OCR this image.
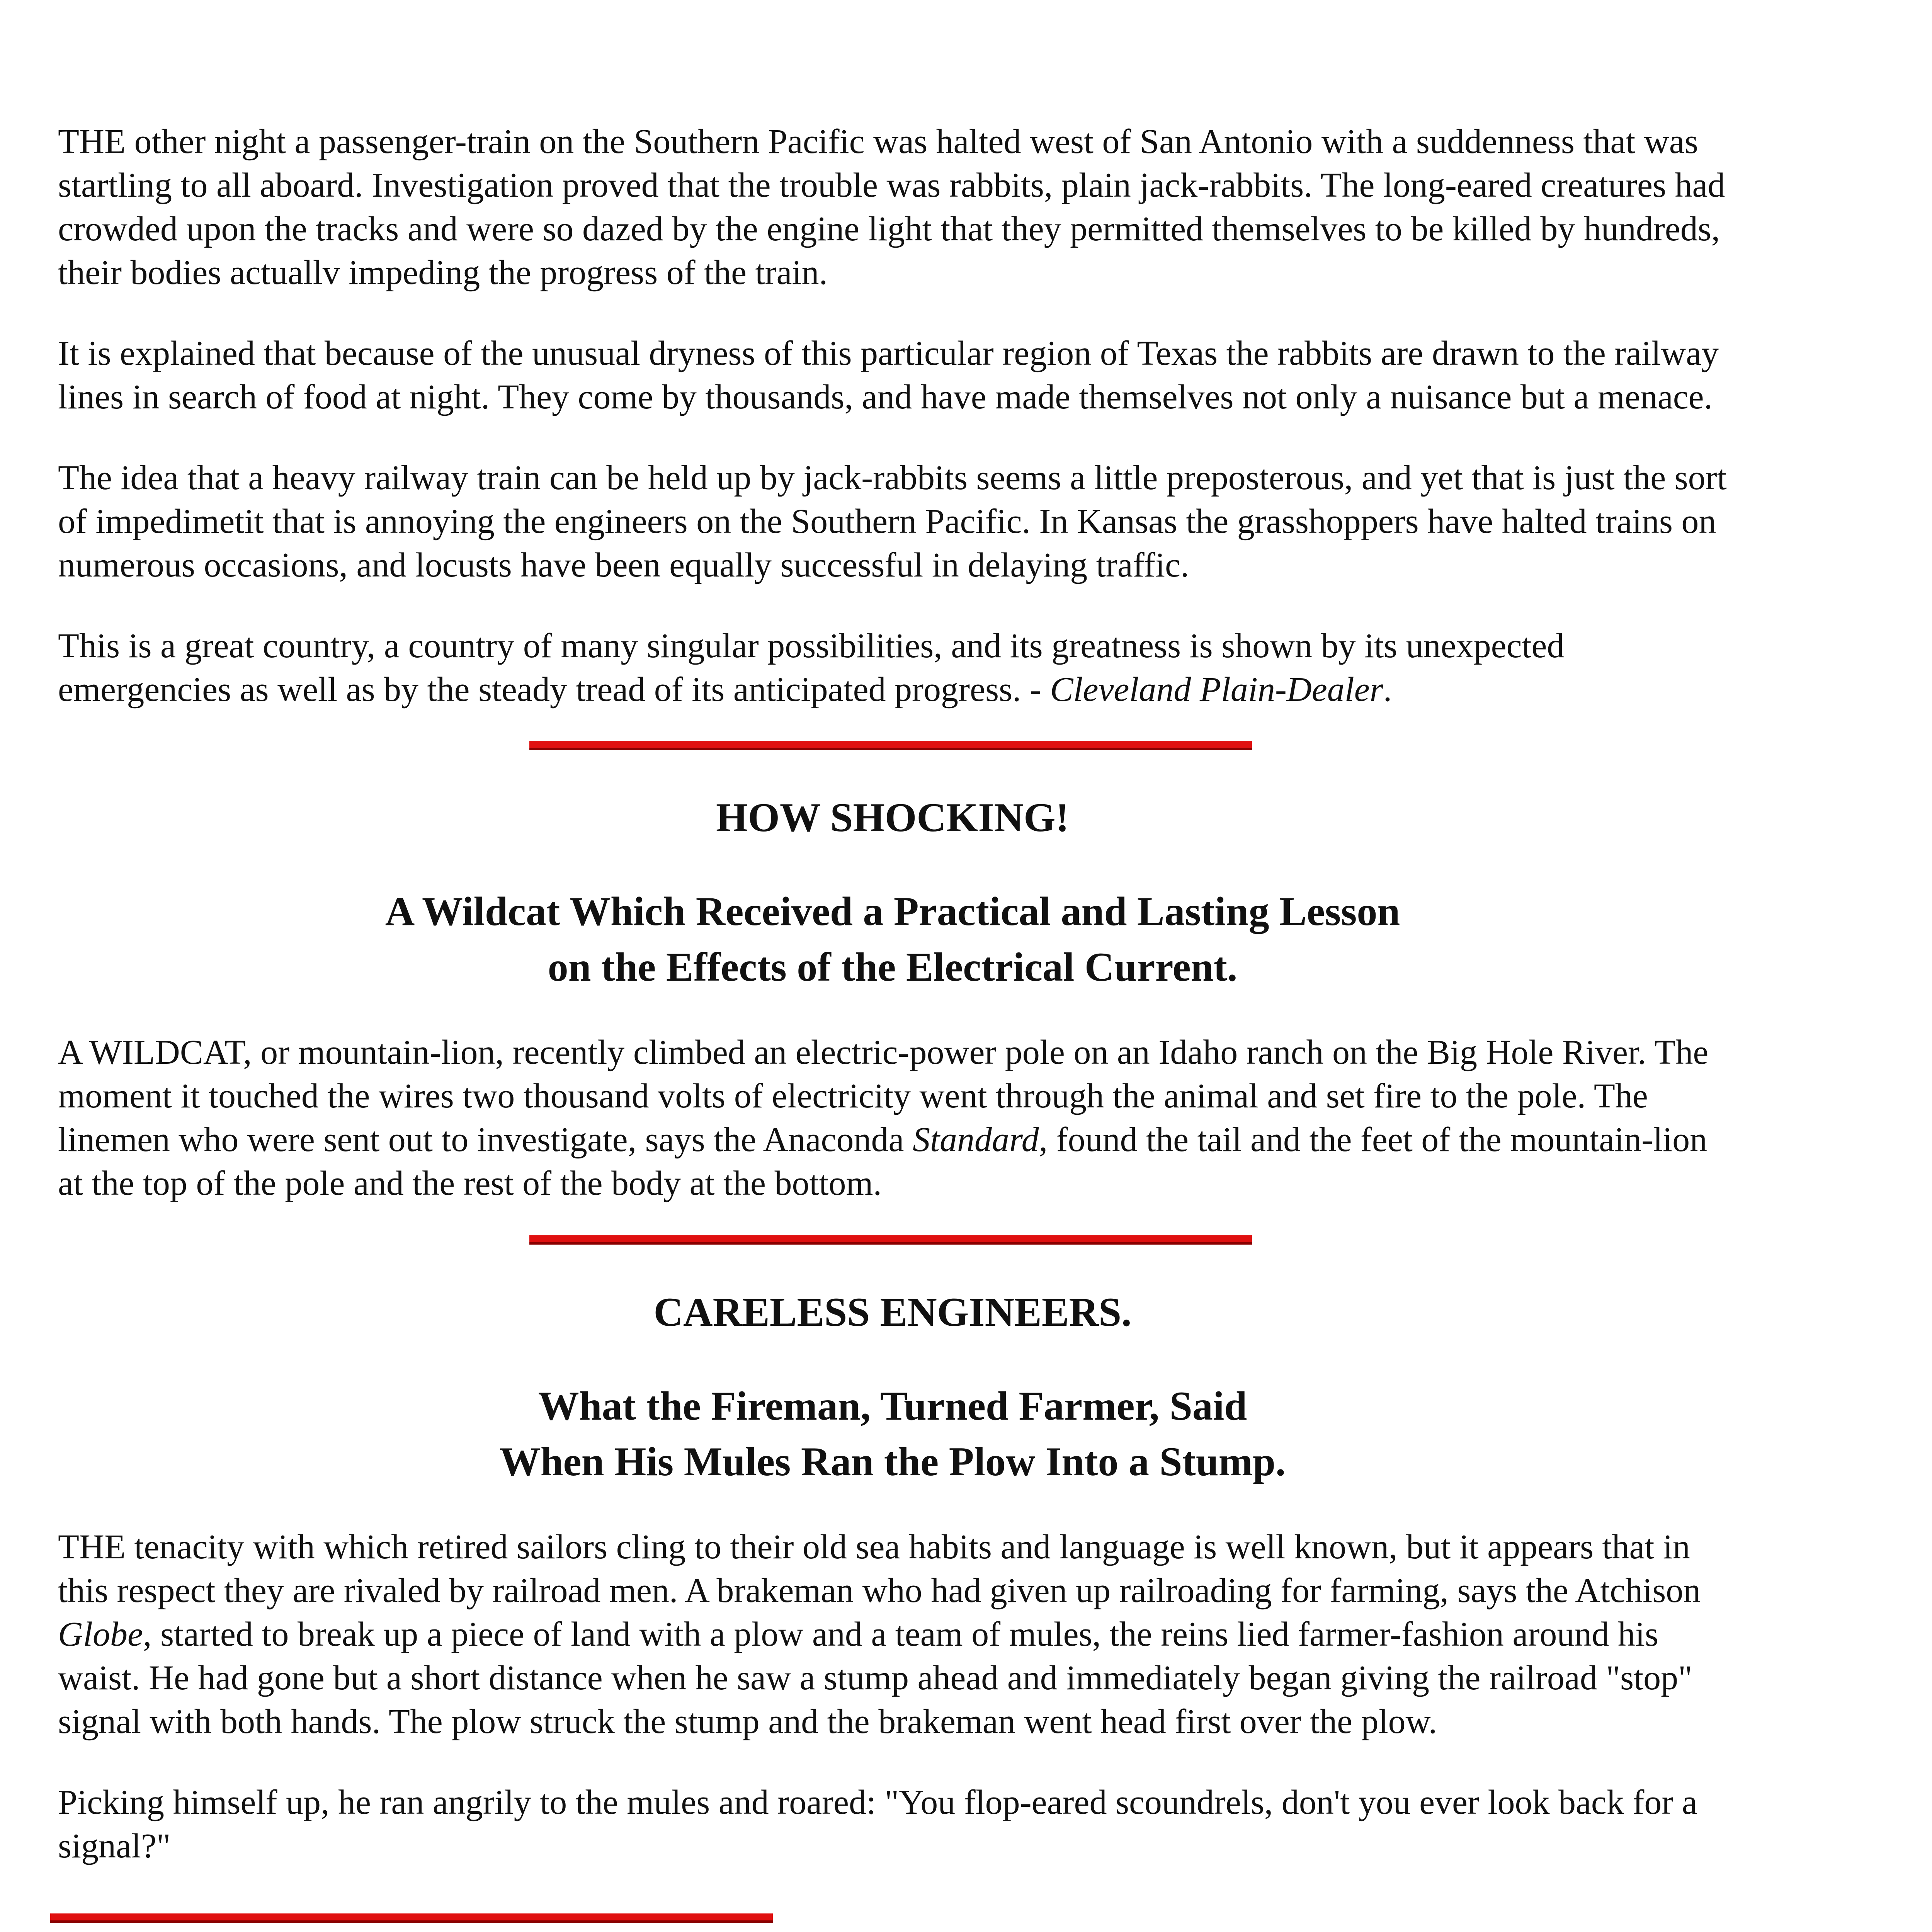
THE other night a passenger-train on the Southern Pacific was halted west of San Antonio with a suddenness that was startling to all aboard. Investigation proved that the trouble was rabbits, plain jack-rabbits. The long-eared creatures had crowded upon the tracks and were so dazed by the engine light that they permitted themselves to be killed by hundreds, their bodies actuallv impeding the progress of the train.

It is explained that because of the unusual dryness of this particular region of Texas the rabbits are drawn to the railway lines in search of food at night. They come by thousands, and have made themselves not only a nuisance but a menace.

The idea that a heavy railway train can be held up by jack-rabbits seems a little preposterous, and yet that is just the sort of impedimetit that is annoying the engineers on the Southern Pacific. In Kansas the grasshoppers have halted trains on numerous occasions, and locusts have been equally successful in delaying traffic.

This is a great country, a country of many singular possibilities, and its greatness is shown by its unexpected emergencies as well as by the steady tread of its anticipated progress. - Cleveland Plain-Dealer.

HOW SHOCKING!
A Wildcat Which Received a Practical and Lasting Lesson
on the Effects of the Electrical Current.

A WILDCAT, or mountain-lion, recently climbed an electric-power pole on an Idaho ranch on the Big Hole River. The moment it touched the wires two thousand volts of electricity went through the animal and set fire to the pole. The linemen who were sent out to investigate, says the Anaconda Standard, found the tail and the feet of the mountain-lion at the top of the pole and the rest of the body at the bottom.

CARELESS ENGINEERS.
What the Fireman, Turned Farmer, Said
When His Mules Ran the Plow Into a Stump.

THE tenacity with which retired sailors cling to their old sea habits and language is well known, but it appears that in this respect they are rivaled by railroad men. A brakeman who had given up railroading for farming, says the Atchison Globe, started to break up a piece of land with a plow and a team of mules, the reins lied farmer-fashion around his waist. He had gone but a short distance when he saw a stump ahead and immediately began giving the railroad "stop" signal with both hands. The plow struck the stump and the brakeman went head first over the plow.

Picking himself up, he ran angrily to the mules and roared: "You flop-eared scoundrels, don't you ever look back for a signal?"
